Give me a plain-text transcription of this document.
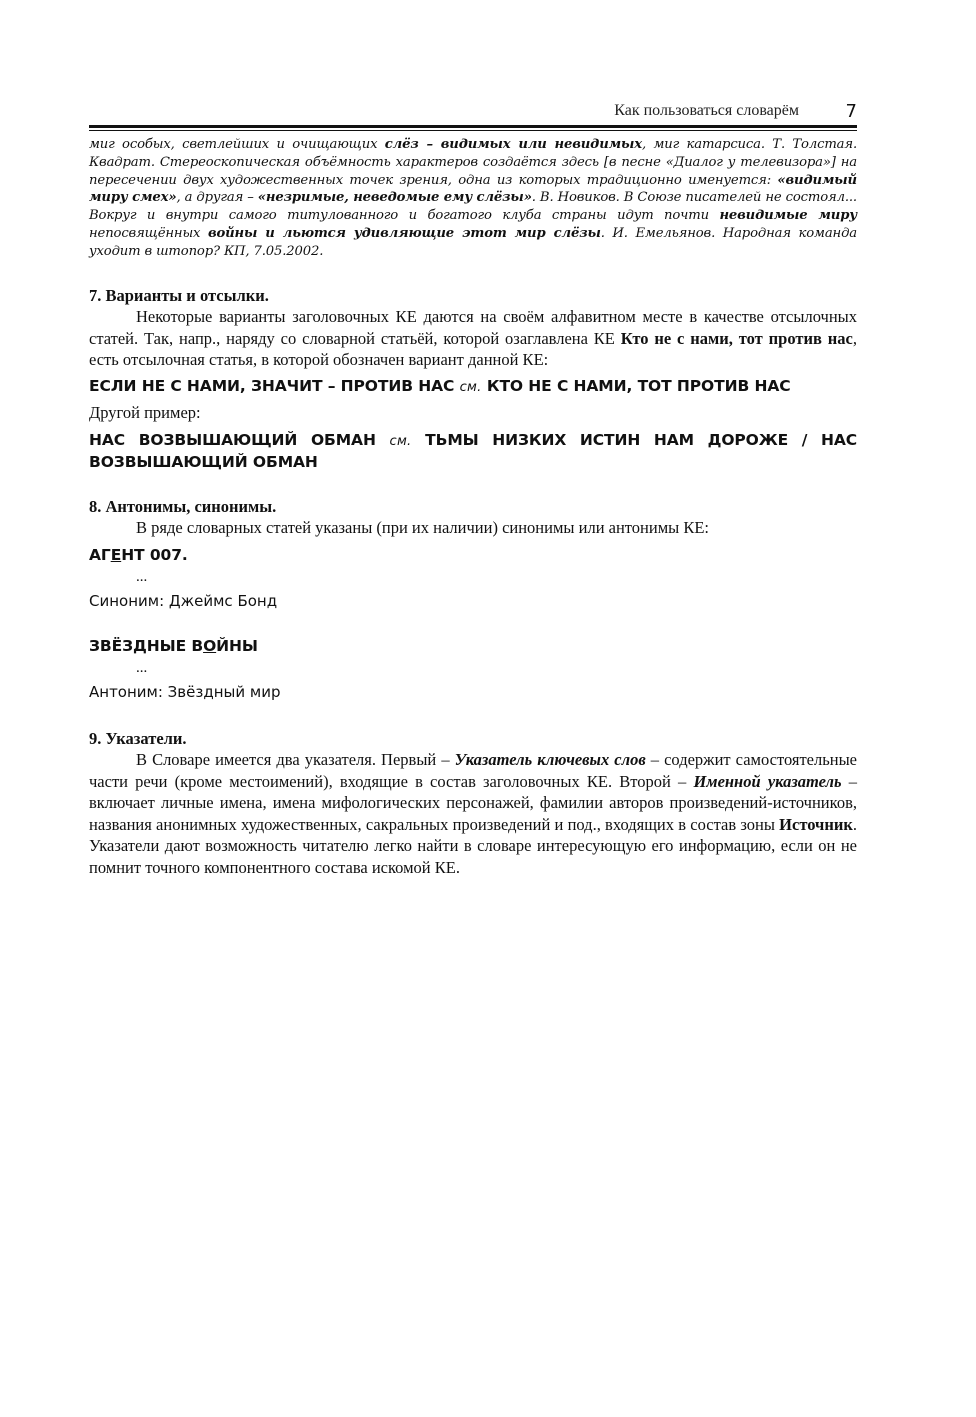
Как пользоваться словарём	7
миг особых, светлейших и очищающих слёз – видимых или невидимых, миг катарсиса. Т. Толстая. Квадрат. Стереоскопическая объёмность характеров создаётся здесь [в песне «Диалог у телевизора»] на пересечении двух художественных точек зрения, одна из которых традиционно именуется: «видимый миру смех», а другая – «незримые, неведомые ему слёзы». В. Новиков. В Союзе писателей не состоял... Вокруг и внутри самого титулованного и богатого клуба страны идут почти невидимые миру непосвящённых войны и льются удивляющие этот мир слёзы. И. Емельянов. Народная команда уходит в штопор? КП, 7.05.2002.
7. Варианты и отсылки.
Некоторые варианты заголовочных КЕ даются на своём алфавитном месте в качестве отсылочных статей. Так, напр., наряду со словарной статьёй, которой озаглавлена КЕ Кто не с нами, тот против нас, есть отсылочная статья, в которой обозначен вариант данной КЕ:
ЕСЛИ НЕ С НАМИ, ЗНАЧИТ – ПРОТИВ НАС см. КТО НЕ С НАМИ, ТОТ ПРОТИВ НАС
Другой пример:
НАС ВОЗВЫШАЮЩИЙ ОБМАН см. ТЬМЫ НИЗКИХ ИСТИН НАМ ДОРОЖЕ / НАС ВОЗВЫШАЮЩИЙ ОБМАН
8. Антонимы, синонимы.
В ряде словарных статей указаны (при их наличии) синонимы или антонимы КЕ:
АГЕНТ 007.
...
Синоним: Джеймс Бонд
ЗВЁЗДНЫЕ ВОЙНЫ
...
Антоним: Звёздный мир
9. Указатели.
В Словаре имеется два указателя. Первый – Указатель ключевых слов – содержит самостоятельные части речи (кроме местоимений), входящие в состав заголовочных КЕ. Второй – Именной указатель – включает личные имена, имена мифологических персонажей, фамилии авторов произведений-источников, названия анонимных художественных, сакральных произведений и под., входящих в состав зоны Источник. Указатели дают возможность читателю легко найти в словаре интересующую его информацию, если он не помнит точного компонентного состава искомой КЕ.
